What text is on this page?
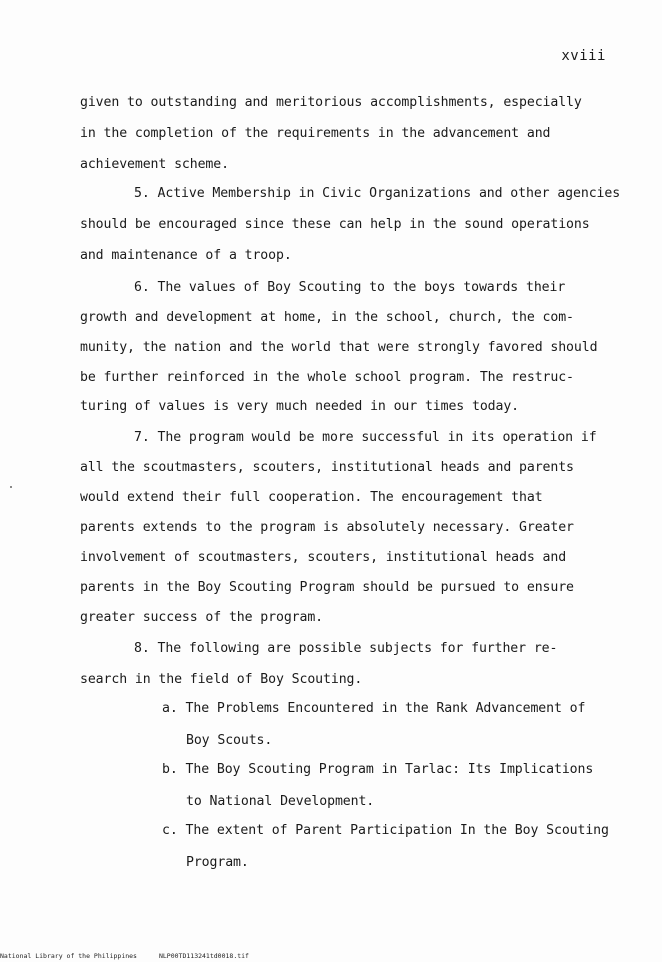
xviii
given to outstanding and meritorious accomplishments, especially
in the completion of the requirements in the advancement and
achievement scheme.
5. Active Membership in Civic Organizations and other agencies
should be encouraged since these can help in the sound operations
and maintenance of a troop.
6. The values of Boy Scouting to the boys towards their
growth and development at home, in the school, church, the com-
munity, the nation and the world that were strongly favored should
be further reinforced in the whole school program. The restruc-
turing of values is very much needed in our times today.
7. The program would be more successful in its operation if
all the scoutmasters, scouters, institutional heads and parents
would extend their full cooperation. The encouragement that
parents extends to the program is absolutely necessary. Greater
involvement of scoutmasters, scouters, institutional heads and
parents in the Boy Scouting Program should be pursued to ensure
greater success of the program.
8. The following are possible subjects for further re-
search in the field of Boy Scouting.
a. The Problems Encountered in the Rank Advancement of
Boy Scouts.
b. The Boy Scouting Program in Tarlac: Its Implications
to National Development.
c. The extent of Parent Participation In the Boy Scouting
Program.
National Library of the Philippines	NLP00TD113241td0018.tif
